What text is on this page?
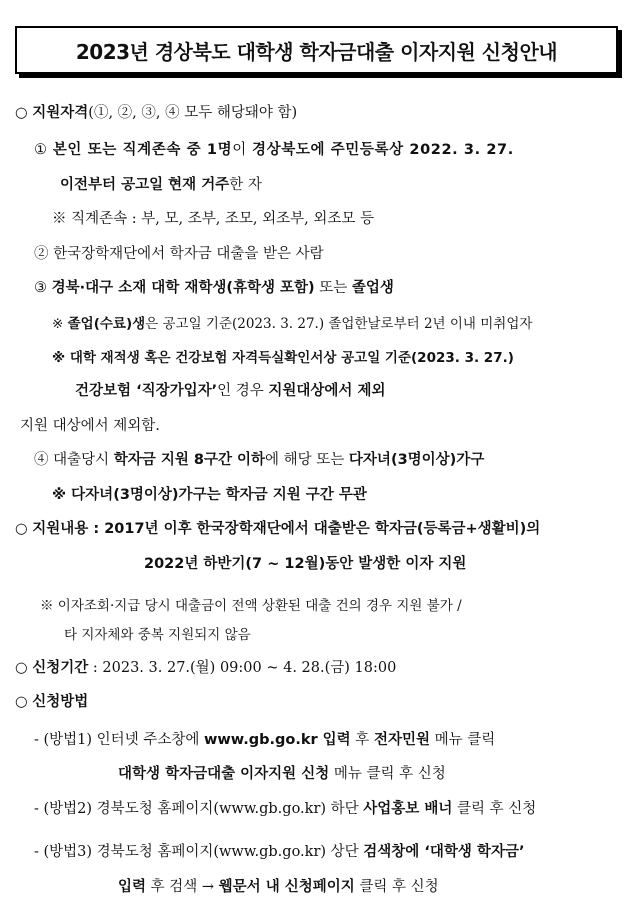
2023년 경상북도 대학생 학자금대출 이자지원 신청안내
○ 지원자격(①, ②, ③, ④ 모두 해당돼야 함)
① 본인 또는 직계존속 중 1명이 경상북도에 주민등록상 2022. 3. 27.
이전부터 공고일 현재 거주한 자
※ 직계존속 : 부, 모, 조부, 조모, 외조부, 외조모 등
② 한국장학재단에서 학자금 대출을 받은 사람
③ 경북·대구 소재 대학 재학생(휴학생 포함) 또는 졸업생
※ 졸업(수료)생은 공고일 기준(2023. 3. 27.) 졸업한날로부터 2년 이내 미취업자
※ 대학 재적생 혹은 건강보험 자격득실확인서상 공고일 기준(2023. 3. 27.)
건강보험 ‘직장가입자’인 경우 지원대상에서 제외
지원 대상에서 제외함.
④ 대출당시 학자금 지원 8구간 이하에 해당 또는 다자녀(3명이상)가구
※ 다자녀(3명이상)가구는 학자금 지원 구간 무관
○ 지원내용 : 2017년 이후 한국장학재단에서 대출받은 학자금(등록금+생활비)의
2022년 하반기(7 ~ 12월)동안 발생한 이자 지원
※ 이자조회·지급 당시 대출금이 전액 상환된 대출 건의 경우 지원 불가 /
타 지자체와 중복 지원되지 않음
○ 신청기간 : 2023. 3. 27.(월) 09:00 ~ 4. 28.(금) 18:00
○ 신청방법
- (방법1) 인터넷 주소창에 www.gb.go.kr 입력 후 전자민원 메뉴 클릭
대학생 학자금대출 이자지원 신청 메뉴 클릭 후 신청
- (방법2) 경북도청 홈페이지(www.gb.go.kr) 하단 사업홍보 배너 클릭 후 신청
- (방법3) 경북도청 홈페이지(www.gb.go.kr) 상단 검색창에 ‘대학생 학자금’
입력 후 검색 → 웹문서 내 신청페이지 클릭 후 신청
